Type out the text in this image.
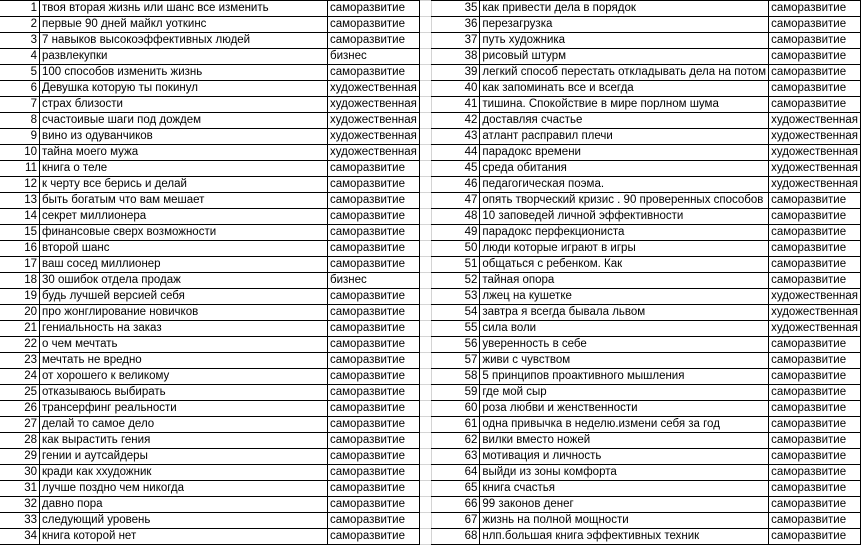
1	твоя вторая жизнь или шанс все изменить	саморазвитие	
2	первые 90 дней майкл уоткинс	саморазвитие	
3	7 навыков высокоэффективных людей	саморазвитие	
4	развлекупки	бизнес	
5	100 способов изменить жизнь	саморазвитие	
6	Девушка которую ты покинул	художественная	
7	страх близости	художественная	
8	счастоивые шаги под дождем	художественная	
9	вино из одуванчиков	художественная	
10	тайна моего мужа	художественная	
11	книга о теле	саморазвитие	
12	к черту все берись и делай	саморазвитие	
13	быть богатым что вам мешает	саморазвитие	
14	секрет миллионера	саморазвитие	
15	финансовые сверх возможности	саморазвитие	
16	второй шанс	саморазвитие	
17	ваш сосед миллионер	саморазвитие	
18	30 ошибок отдела продаж	бизнес	
19	будь лучшей версией себя	саморазвитие	
20	про жонглирование новичков	саморазвитие	
21	гениальность на заказ	саморазвитие	
22	о чем мечтать	саморазвитие	
23	мечтать не вредно	саморазвитие	
24	от хорошего к великому	саморазвитие	
25	отказываюсь выбирать	саморазвитие	
26	трансерфинг реальности	саморазвитие	
27	делай то самое дело	саморазвитие	
28	как вырастить гения	саморазвитие	
29	гении и аутсайдеры	саморазвитие	
30	кради как ххудожник	саморазвитие	
31	лучше поздно чем никогда	саморазвитие	
32	давно пора	саморазвитие	
33	следующий уровень	саморазвитие	
34	книга которой нет	саморазвитие	
35	как привести дела в порядок	саморазвитие
36	перезагрузка	саморазвитие
37	путь художника	саморазвитие
38	рисовый штурм	саморазвитие
39	легкий способ перестать откладывать дела на потом	саморазвитие
40	как запоминать все и всегда	саморазвитие
41	тишина. Спокойствие в мире порлном шума	саморазвитие
42	доставляя счастье	художественная
43	атлант расправил плечи	художественная
44	парадокс времени	художественная
45	среда обитания	художественная
46	педагогическая поэма.	художественная
47	опять творческий кризис . 90 проверенных способов	саморазвитие
48	10 заповедей личной эффективности	саморазвитие
49	парадокс перфекциониста	саморазвитие
50	люди которые играют в игры	саморазвитие
51	общаться с ребенком. Как	саморазвитие
52	тайная опора	саморазвитие
53	лжец на кушетке	художественная
54	завтра я всегда бывала львом	художественная
55	сила воли	художественная
56	уверенность в себе	саморазвитие
57	живи с чувством	саморазвитие
58	5 принципов проактивного мышления	саморазвитие
59	где мой сыр	саморазвитие
60	роза любви и женственности	саморазвитие
61	одна привычка в неделю.измени себя за год	саморазвитие
62	вилки вместо ножей	саморазвитие
63	мотивация и личность	саморазвитие
64	выйди из зоны комфорта	саморазвитие
65	книга счастья	саморазвитие
66	99 законов денег	саморазвитие
67	жизнь на полной мощности	саморазвитие
68	нлп.большая книга эффективных техник	саморазвитие
